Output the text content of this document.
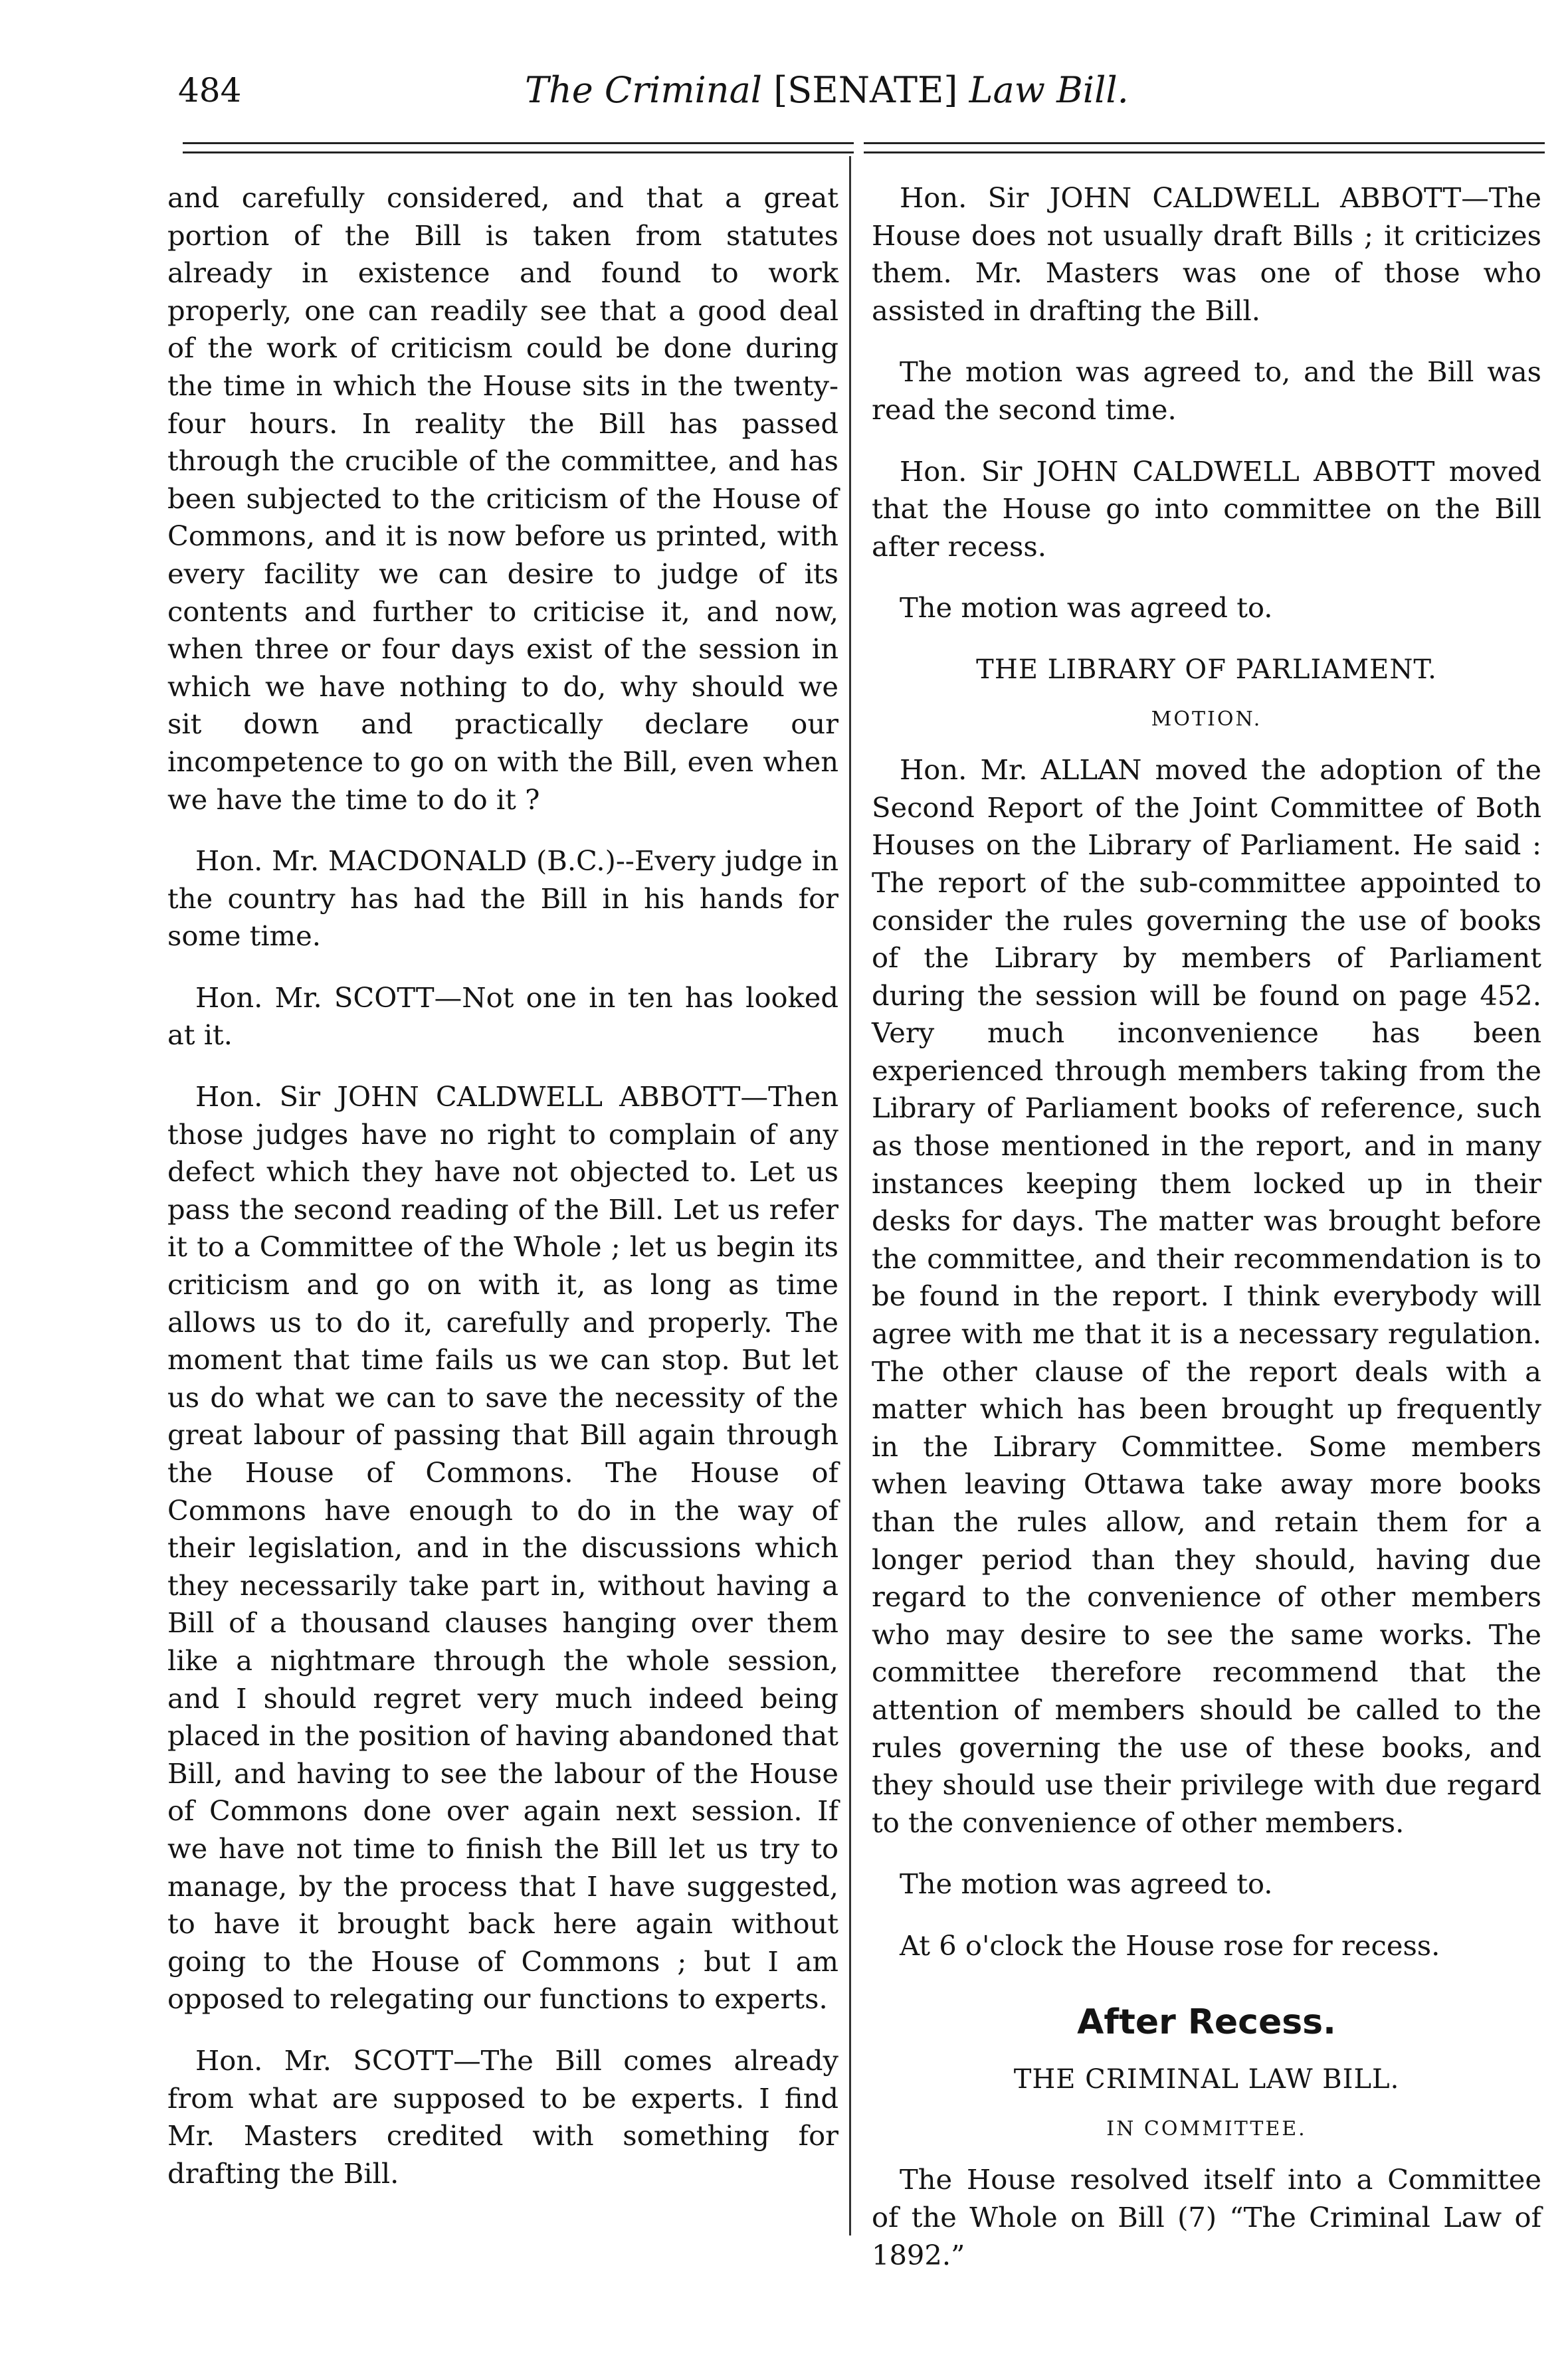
484	The Criminal [SENATE] Law Bill.

and carefully considered, and that a great portion of the Bill is taken from statutes already in existence and found to work properly, one can readily see that a good deal of the work of criticism could be done during the time in which the House sits in the twenty-four hours. In reality the Bill has passed through the crucible of the committee, and has been subjected to the criticism of the House of Commons, and it is now before us printed, with every facility we can desire to judge of its contents and further to criticise it, and now, when three or four days exist of the session in which we have nothing to do, why should we sit down and practically declare our incompetence to go on with the Bill, even when we have the time to do it ?

Hon. Mr. MACDONALD (B.C.)--Every judge in the country has had the Bill in his hands for some time.

Hon. Mr. SCOTT—Not one in ten has looked at it.

Hon. Sir JOHN CALDWELL ABBOTT—Then those judges have no right to complain of any defect which they have not objected to. Let us pass the second reading of the Bill. Let us refer it to a Committee of the Whole ; let us begin its criticism and go on with it, as long as time allows us to do it, carefully and properly. The moment that time fails us we can stop. But let us do what we can to save the necessity of the great labour of passing that Bill again through the House of Commons. The House of Commons have enough to do in the way of their legislation, and in the discussions which they necessarily take part in, without having a Bill of a thousand clauses hanging over them like a nightmare through the whole session, and I should regret very much indeed being placed in the position of having abandoned that Bill, and having to see the labour of the House of Commons done over again next session. If we have not time to finish the Bill let us try to manage, by the process that I have suggested, to have it brought back here again without going to the House of Commons ; but I am opposed to relegating our functions to experts.

Hon. Mr. SCOTT—The Bill comes already from what are supposed to be experts. I find Mr. Masters credited with something for drafting the Bill.

Hon. Sir JOHN CALDWELL ABBOTT—The House does not usually draft Bills ; it criticizes them. Mr. Masters was one of those who assisted in drafting the Bill.

The motion was agreed to, and the Bill was read the second time.

Hon. Sir JOHN CALDWELL ABBOTT moved that the House go into committee on the Bill after recess.

The motion was agreed to.

THE LIBRARY OF PARLIAMENT.
MOTION.

Hon. Mr. ALLAN moved the adoption of the Second Report of the Joint Committee of Both Houses on the Library of Parliament. He said : The report of the sub-committee appointed to consider the rules governing the use of books of the Library by members of Parliament during the session will be found on page 452. Very much inconvenience has been experienced through members taking from the Library of Parliament books of reference, such as those mentioned in the report, and in many instances keeping them locked up in their desks for days. The matter was brought before the committee, and their recommendation is to be found in the report. I think everybody will agree with me that it is a necessary regulation. The other clause of the report deals with a matter which has been brought up frequently in the Library Committee. Some members when leaving Ottawa take away more books than the rules allow, and retain them for a longer period than they should, having due regard to the convenience of other members who may desire to see the same works. The committee therefore recommend that the attention of members should be called to the rules governing the use of these books, and they should use their privilege with due regard to the convenience of other members.

The motion was agreed to.

At 6 o'clock the House rose for recess.

After Recess.
THE CRIMINAL LAW BILL.
IN COMMITTEE.

The House resolved itself into a Committee of the Whole on Bill (7) “The Criminal Law of 1892.”
